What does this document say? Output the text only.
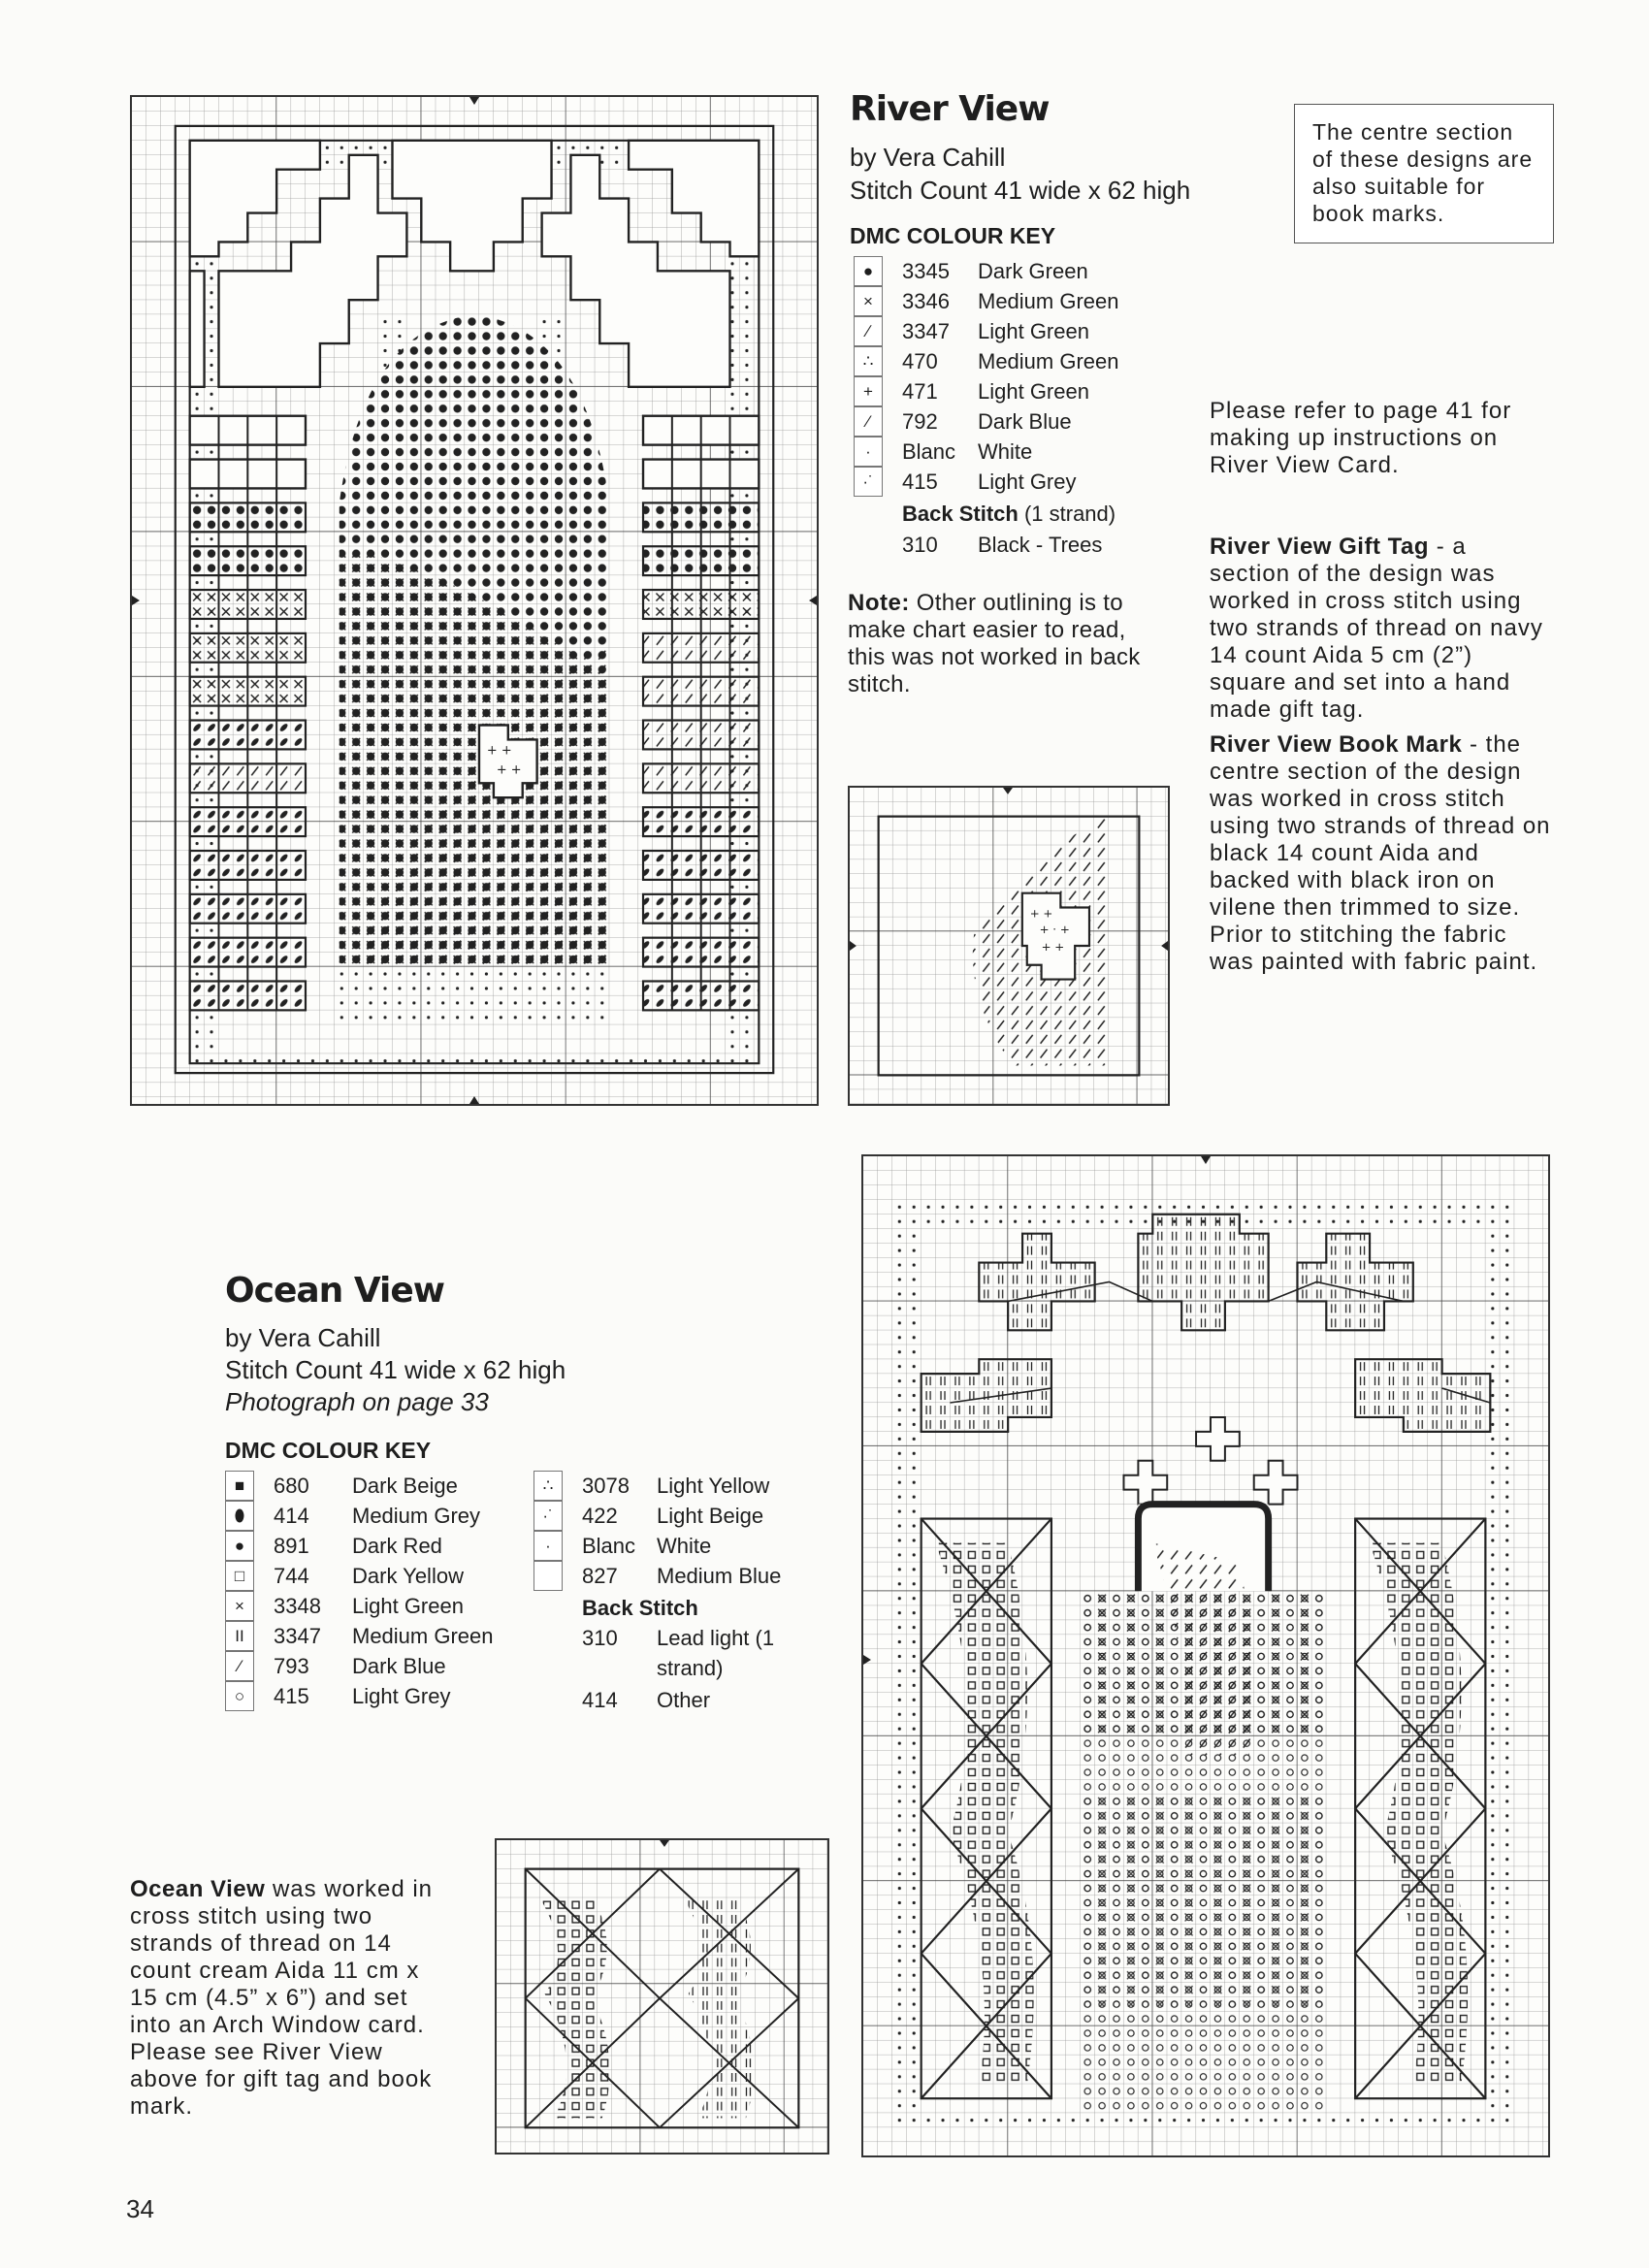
+ +
+ +
+ +
+ · +
+ +
River View
by Vera Cahill
Stitch Count 41 wide x 62 high
DMC COLOUR KEY
●	3345 Dark Green
×	3346 Medium Green
∕	3347 Light Green
∴	470 Medium Green
+	471 Light Green
⁄	792 Dark Blue
·	Blanc White
·˙	415 Light Grey
Back Stitch (1 strand)
310 Black - Trees
Note: Other outlining is to make chart easier to read, this was not worked in back stitch.
The centre section of these designs are also suitable for book marks.
Please refer to page 41 for making up instructions on River View Card.
River View Gift Tag - a section of the design was worked in cross stitch using two strands of thread on navy 14 count Aida 5 cm (2”) square and set into a hand made gift tag.
River View Book Mark - the centre section of the design was worked in cross stitch using two strands of thread on black 14 count Aida and backed with black iron on vilene then trimmed to size. Prior to stitching the fabric was painted with fabric paint.
Ocean View
by Vera Cahill
Stitch Count 41 wide x 62 high
Photograph on page 33
DMC COLOUR KEY
■	680 Dark Beige
⬮	414 Medium Grey
●	891 Dark Red
□	744 Dark Yellow
×	3348 Light Green
II	3347 Medium Green
⁄	793 Dark Blue
○	415 Light Grey
∴	3078 Light Yellow
·˙	422 Light Beige
·	Blanc White
827 Medium Blue
Back Stitch
310 Lead light (1 strand)
414 Other
Ocean View was worked in cross stitch using two strands of thread on 14 count cream Aida 11 cm x 15 cm (4.5” x 6”) and set into an Arch Window card. Please see River View above for gift tag and book mark.
34
